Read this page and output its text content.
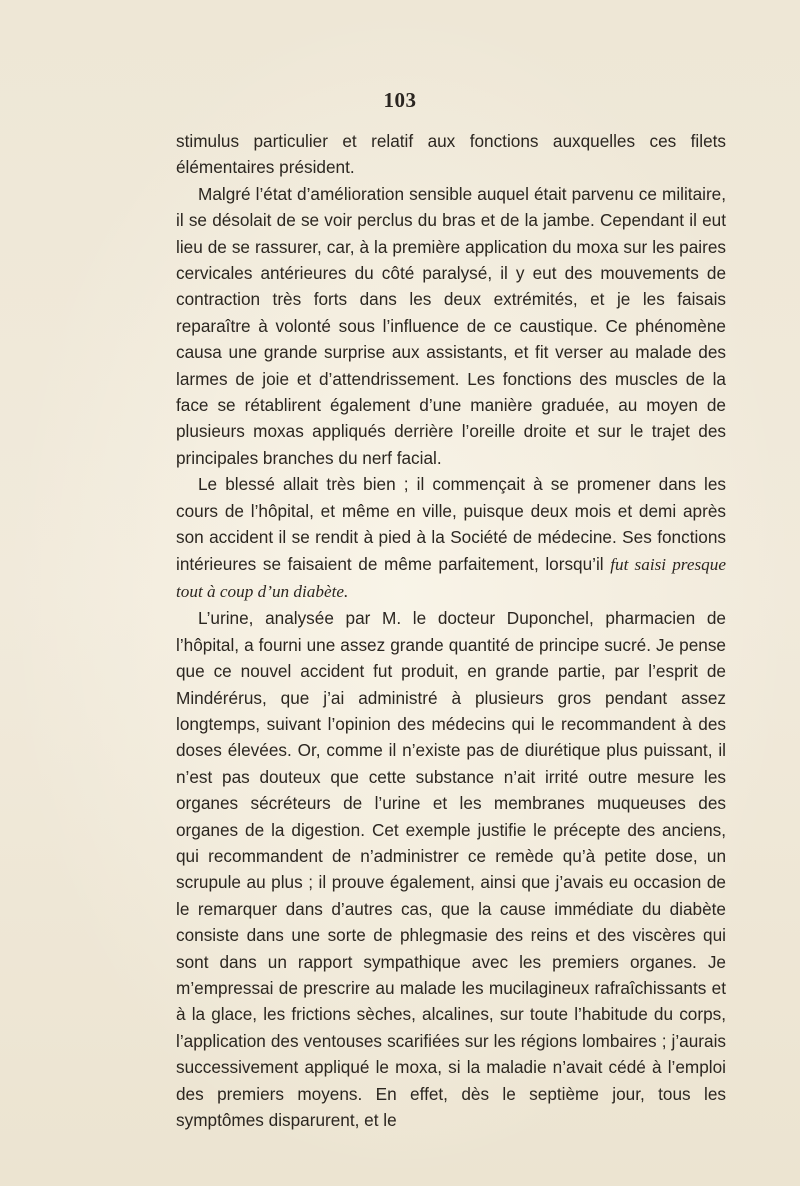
103

stimulus particulier et relatif aux fonctions auxquelles ces filets élémentaires président.

Malgré l’état d’amélioration sensible auquel était parvenu ce militaire, il se désolait de se voir perclus du bras et de la jambe. Cependant il eut lieu de se rassurer, car, à la première application du moxa sur les paires cervicales antérieures du côté paralysé, il y eut des mouvements de contraction très forts dans les deux extrémités, et je les faisais reparaître à volonté sous l’influence de ce caustique. Ce phénomène causa une grande surprise aux assistants, et fit verser au malade des larmes de joie et d’attendrissement. Les fonctions des muscles de la face se rétablirent également d’une manière graduée, au moyen de plusieurs moxas appliqués derrière l’oreille droite et sur le trajet des principales branches du nerf facial.

Le blessé allait très bien ; il commençait à se promener dans les cours de l’hôpital, et même en ville, puisque deux mois et demi après son accident il se rendit à pied à la Société de médecine. Ses fonctions intérieures se faisaient de même parfaitement, lorsqu’il fut saisi presque tout à coup d’un diabète.

L’urine, analysée par M. le docteur Duponchel, pharmacien de l’hôpital, a fourni une assez grande quantité de principe sucré. Je pense que ce nouvel accident fut produit, en grande partie, par l’esprit de Mindérérus, que j’ai administré à plusieurs gros pendant assez longtemps, suivant l’opinion des médecins qui le recommandent à des doses élevées. Or, comme il n’existe pas de diurétique plus puissant, il n’est pas douteux que cette substance n’ait irrité outre mesure les organes sécréteurs de l’urine et les membranes muqueuses des organes de la digestion. Cet exemple justifie le précepte des anciens, qui recommandent de n’administrer ce remède qu’à petite dose, un scrupule au plus ; il prouve également, ainsi que j’avais eu occasion de le remarquer dans d’autres cas, que la cause immédiate du diabète consiste dans une sorte de phlegmasie des reins et des viscères qui sont dans un rapport sympathique avec les premiers organes. Je m’empressai de prescrire au malade les mucilagineux rafraîchissants et à la glace, les frictions sèches, alcalines, sur toute l’habitude du corps, l’application des ventouses scarifiées sur les régions lombaires ; j’aurais successivement appliqué le moxa, si la maladie n’avait cédé à l’emploi des premiers moyens. En effet, dès le septième jour, tous les symptômes disparurent, et le
